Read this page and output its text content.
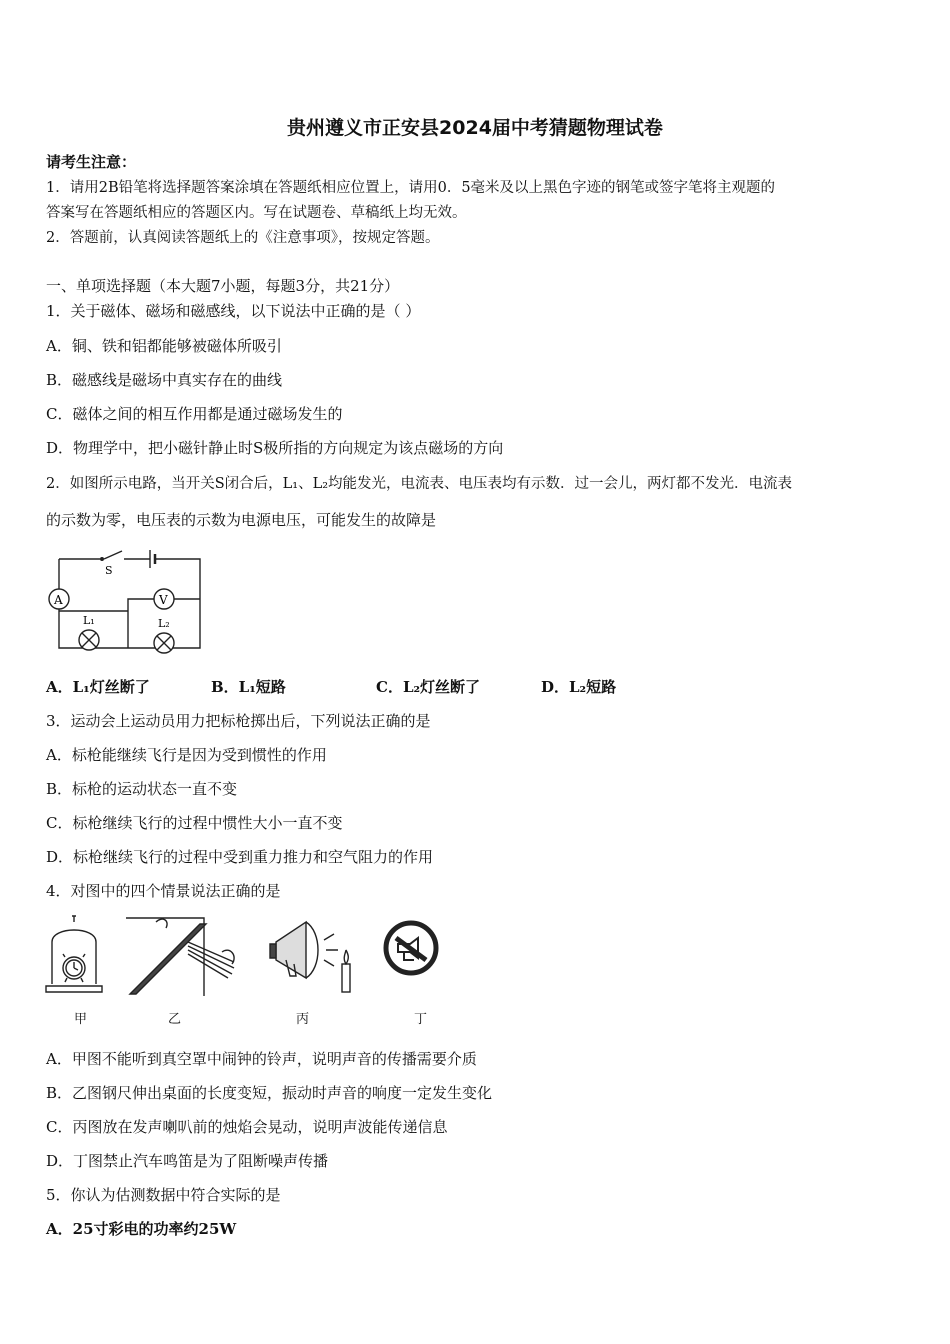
贵州遵义市正安县2024届中考猜题物理试卷
请考生注意：
1．请用2B铅笔将选择题答案涂填在答题纸相应位置上，请用0．5毫米及以上黑色字迹的钢笔或签字笔将主观题的
答案写在答题纸相应的答题区内。写在试题卷、草稿纸上均无效。
2．答题前，认真阅读答题纸上的《注意事项》，按规定答题。
一、单项选择题（本大题7小题，每题3分，共21分）
1．关于磁体、磁场和磁感线，以下说法中正确的是（ ）
A．铜、铁和铝都能够被磁体所吸引
B．磁感线是磁场中真实存在的曲线
C．磁体之间的相互作用都是通过磁场发生的
D．物理学中，把小磁针静止时S极所指的方向规定为该点磁场的方向
2．如图所示电路，当开关S闭合后，L₁、L₂均能发光，电流表、电压表均有示数．过一会儿，两灯都不发光．电流表
的示数为零，电压表的示数为电源电压，可能发生的故障是
S
A	V
L₁	L₂
A．L₁灯丝断了	B．L₁短路	C．L₂灯丝断了	D．L₂短路
3．运动会上运动员用力把标枪掷出后，下列说法正确的是
A．标枪能继续飞行是因为受到惯性的作用
B．标枪的运动状态一直不变
C．标枪继续飞行的过程中惯性大小一直不变
D．标枪继续飞行的过程中受到重力推力和空气阻力的作用
4．对图中的四个情景说法正确的是
甲	乙	丙	丁
A．甲图不能听到真空罩中闹钟的铃声，说明声音的传播需要介质
B．乙图钢尺伸出桌面的长度变短，振动时声音的响度一定发生变化
C．丙图放在发声喇叭前的烛焰会晃动，说明声波能传递信息
D．丁图禁止汽车鸣笛是为了阻断噪声传播
5．你认为估测数据中符合实际的是
A．25寸彩电的功率约25W
